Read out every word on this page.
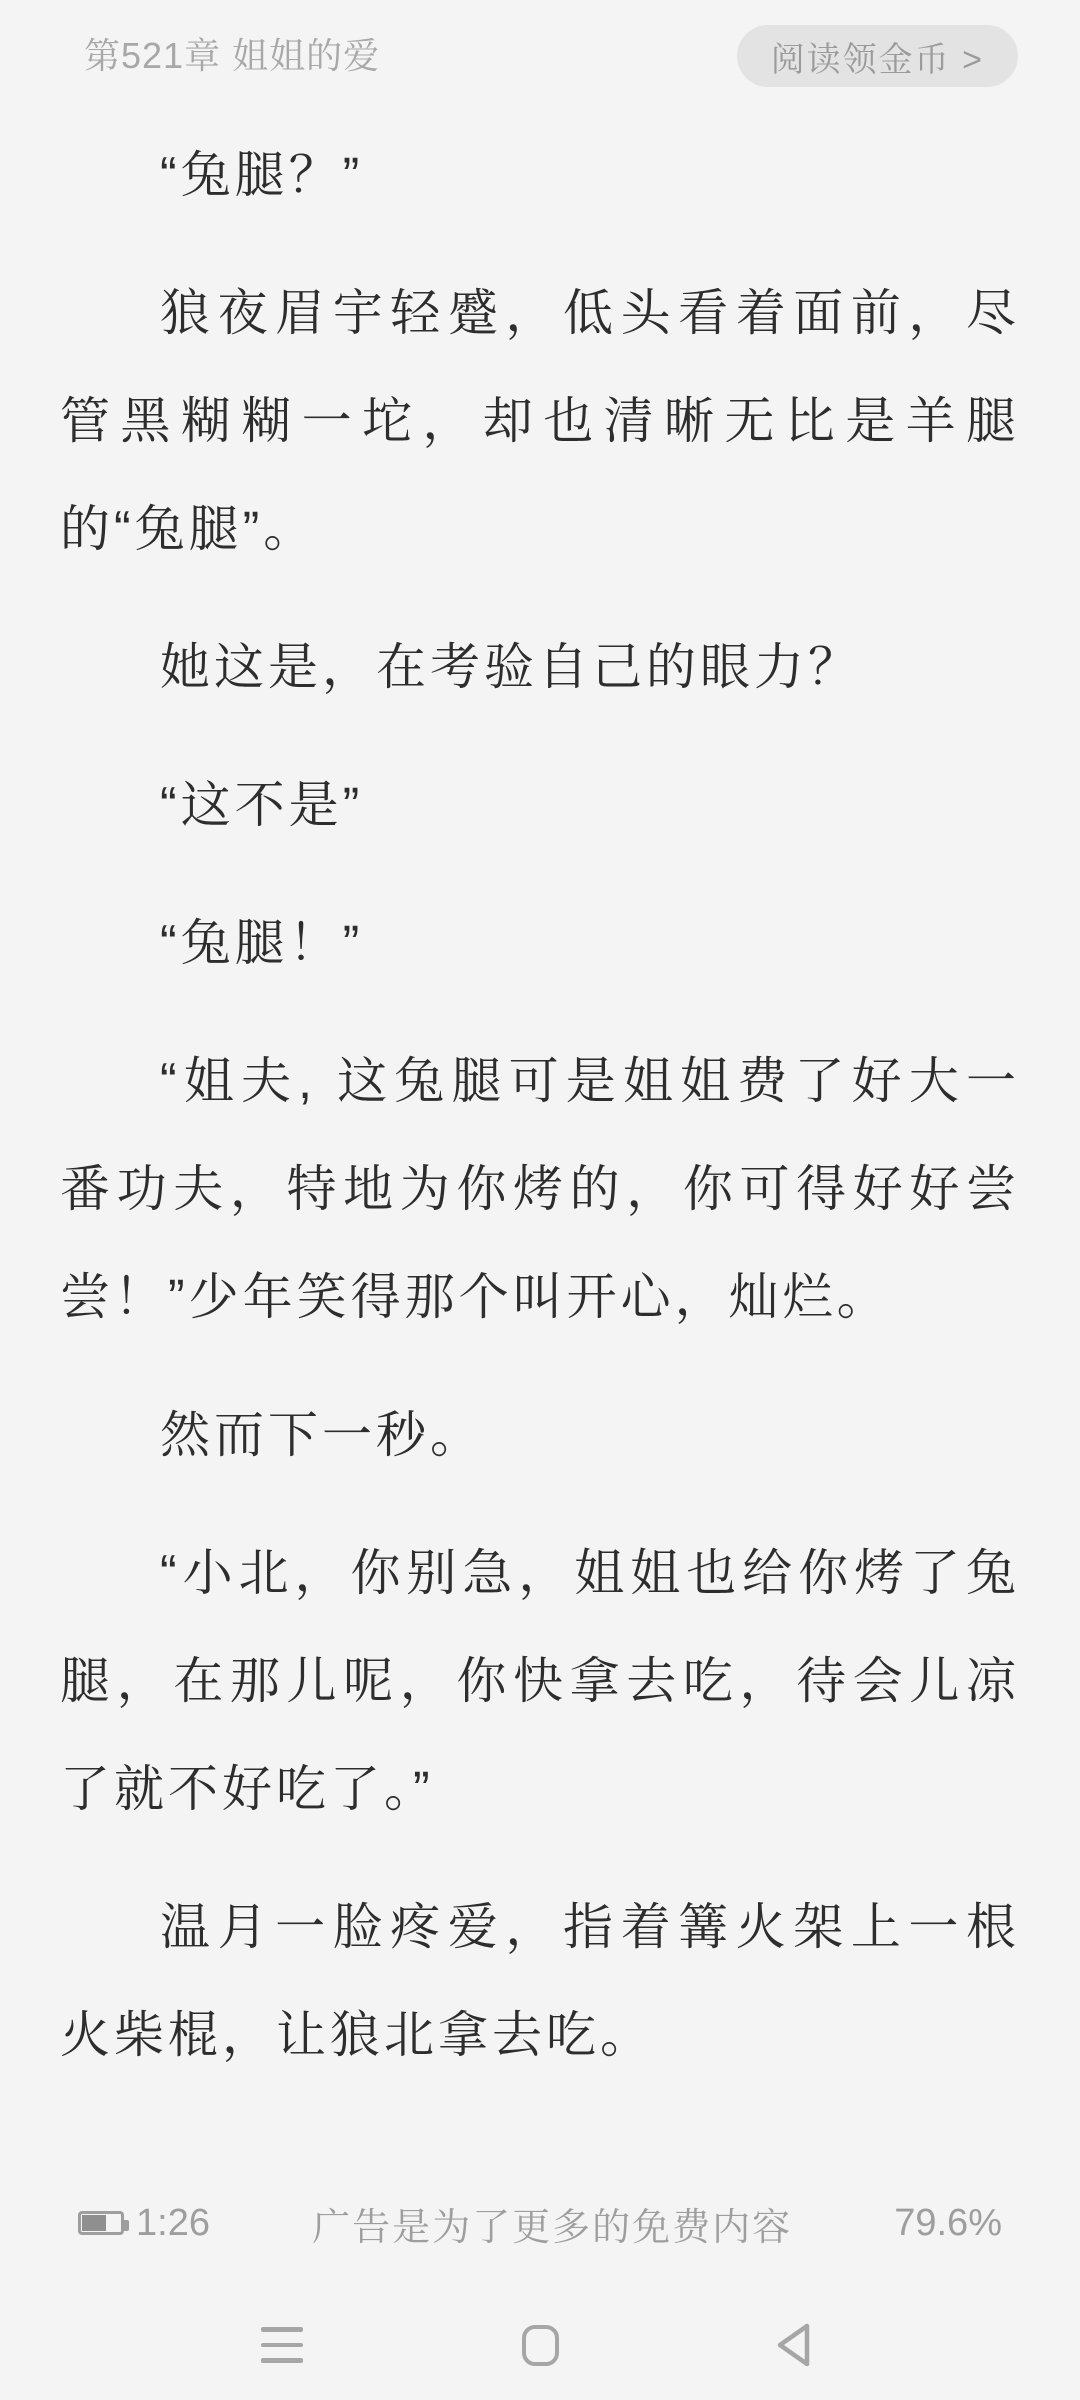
第521章 姐姐的爱	阅读领金币 >

“兔腿？”

狼夜眉宇轻蹙，低头看着面前，尽管黑糊糊一坨，却也清晰无比是羊腿的“兔腿”。

她这是，在考验自己的眼力？

“这不是”

“兔腿！”

“姐夫, 这兔腿可是姐姐费了好大一番功夫，特地为你烤的，你可得好好尝尝！”少年笑得那个叫开心，灿烂。

然而下一秒。

“小北，你别急，姐姐也给你烤了兔腿，在那儿呢，你快拿去吃，待会儿凉了就不好吃了。”

温月一脸疼爱，指着篝火架上一根火柴棍，让狼北拿去吃。

1:26	广告是为了更多的免费内容	79.6%
